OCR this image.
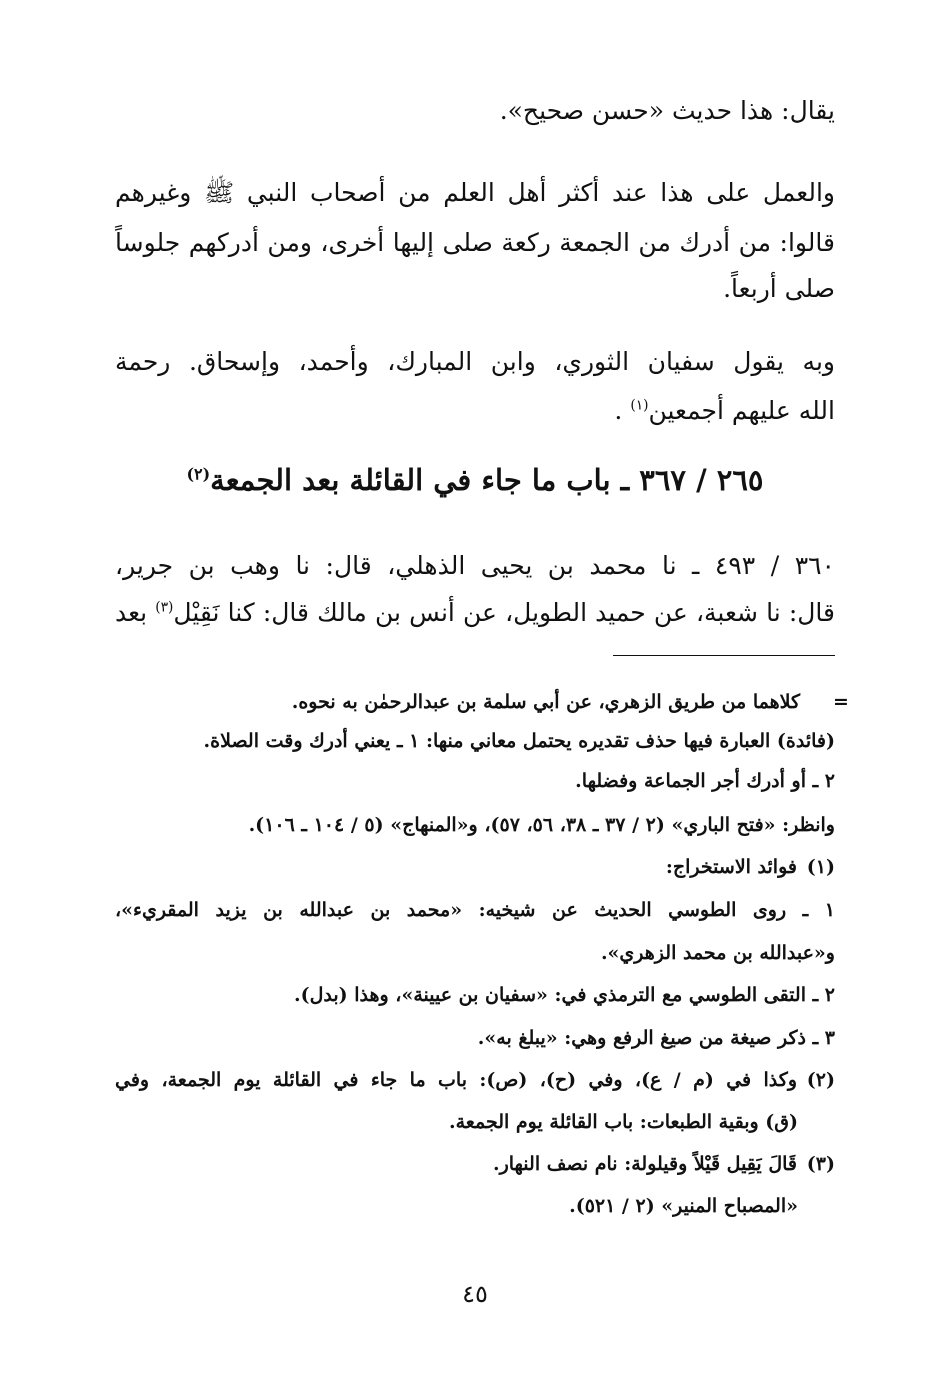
يقال: هذا حديث «حسن صحيح».
والعمل على هذا عند أكثر أهل العلم من أصحاب النبي ﷺ وغيرهم
قالوا: من أدرك من الجمعة ركعة صلى إليها أخرى، ومن أدركهم جلوساً
صلى أربعاً.
وبه يقول سفيان الثوري، وابن المبارك، وأحمد، وإسحاق. رحمة
الله عليهم أجمعين$^{(١)}$ .
٢٦٥ / ٣٦٧ ـ باب ما جاء في القائلة بعد الجمعة$^{(٢)}$
٣٦٠ / ٤٩٣ ـ نا محمد بن يحيى الذهلي، قال: نا وهب بن جرير،
قال: نا شعبة، عن حميد الطويل، عن أنس بن مالك قال: كنا نَقِيْل$^{(٣)}$ بعد
=
كلاهما من طريق الزهري، عن أبي سلمة بن عبدالرحمٰن به نحوه.
(فائدة) العبارة فيها حذف تقديره يحتمل معاني منها: ١ ـ يعني أدرك وقت الصلاة.
٢ ـ أو أدرك أجر الجماعة وفضلها.
وانظر: «فتح الباري» (٢ / ٣٧ ـ ٣٨، ٥٦، ٥٧)، و«المنهاج» (٥ / ١٠٤ ـ ١٠٦).
(١)فوائد الاستخراج:
١ ـ روى الطوسي الحديث عن شيخيه: «محمد بن عبدالله بن يزيد المقريء»،
و«عبدالله بن محمد الزهري».
٢ ـ التقى الطوسي مع الترمذي في: «سفيان بن عيينة»، وهذا (بدل).
٣ ـ ذكر صيغة من صيغ الرفع وهي: «يبلغ به».
(٢)وكذا في (م / ع)، وفي (ح)، (ص): باب ما جاء في القائلة يوم الجمعة، وفي
(ق) وبقية الطبعات: باب القائلة يوم الجمعة.
(٣)قَالَ يَقِيل قَيْلاً وقيلولة: نام نصف النهار.
«المصباح المنير» (٢ / ٥٢١).
٤٥
